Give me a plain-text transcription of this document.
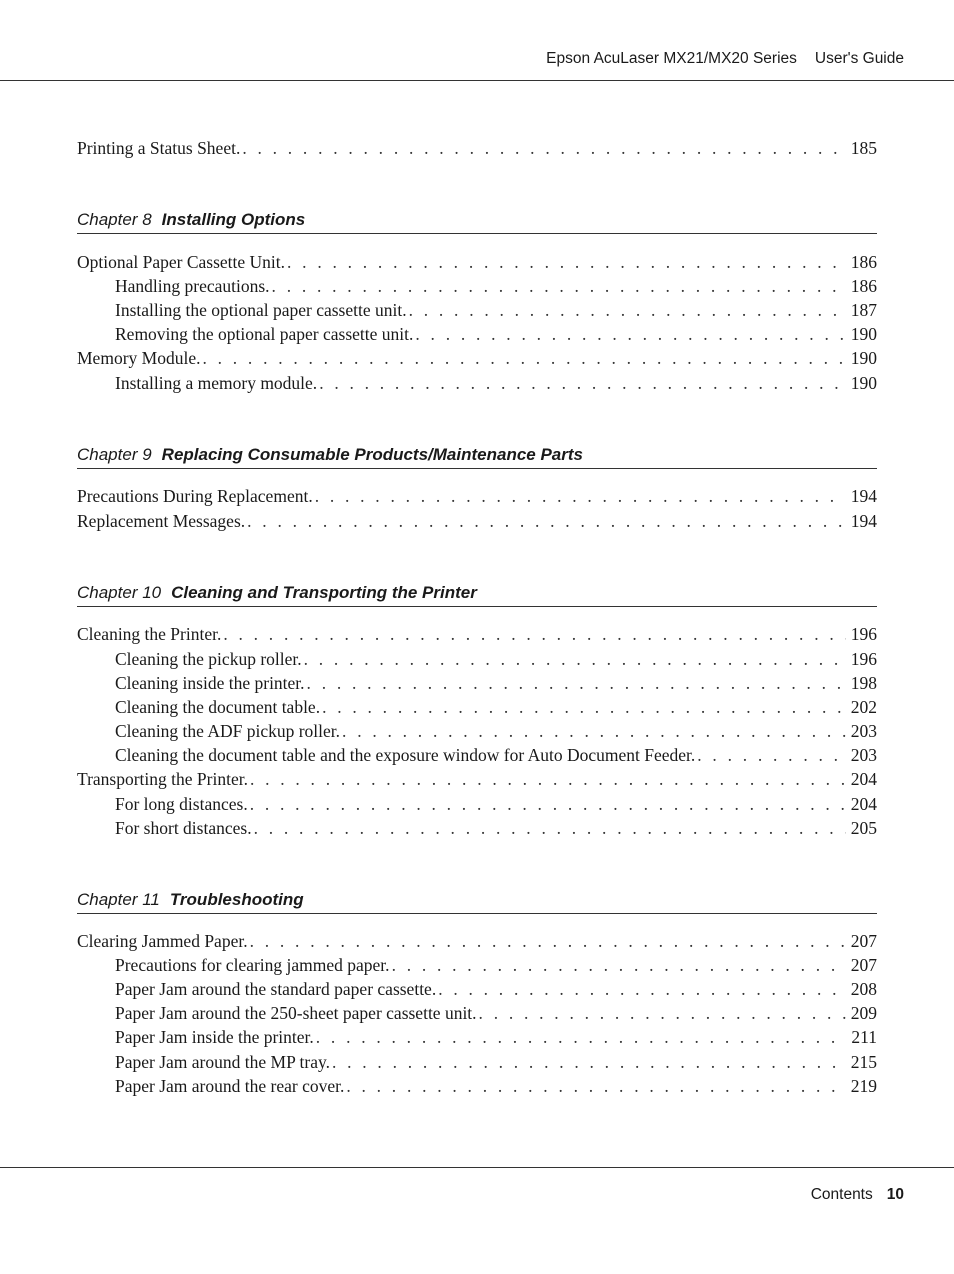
Epson AcuLaser MX21/MX20 Series User's Guide
Printing a Status Sheet. . . .	185
Chapter 8 Installing Options
Optional Paper Cassette Unit. . . .	186
Handling precautions. . . .	186
Installing the optional paper cassette unit. . . .	187
Removing the optional paper cassette unit. . . .	190
Memory Module. . . .	190
Installing a memory module. . . .	190
Chapter 9 Replacing Consumable Products/Maintenance Parts
Precautions During Replacement. . . .	194
Replacement Messages. . . .	194
Chapter 10 Cleaning and Transporting the Printer
Cleaning the Printer. . . .	196
Cleaning the pickup roller. . . .	196
Cleaning inside the printer. . . .	198
Cleaning the document table. . . .	202
Cleaning the ADF pickup roller. . . .	203
Cleaning the document table and the exposure window for Auto Document Feeder. . . .	203
Transporting the Printer. . . .	204
For long distances. . . .	204
For short distances. . . .	205
Chapter 11 Troubleshooting
Clearing Jammed Paper. . . .	207
Precautions for clearing jammed paper. . . .	207
Paper Jam around the standard paper cassette. . . .	208
Paper Jam around the 250-sheet paper cassette unit. . . .	209
Paper Jam inside the printer. . . .	211
Paper Jam around the MP tray. . . .	215
Paper Jam around the rear cover. . . .	219
Contents 10
